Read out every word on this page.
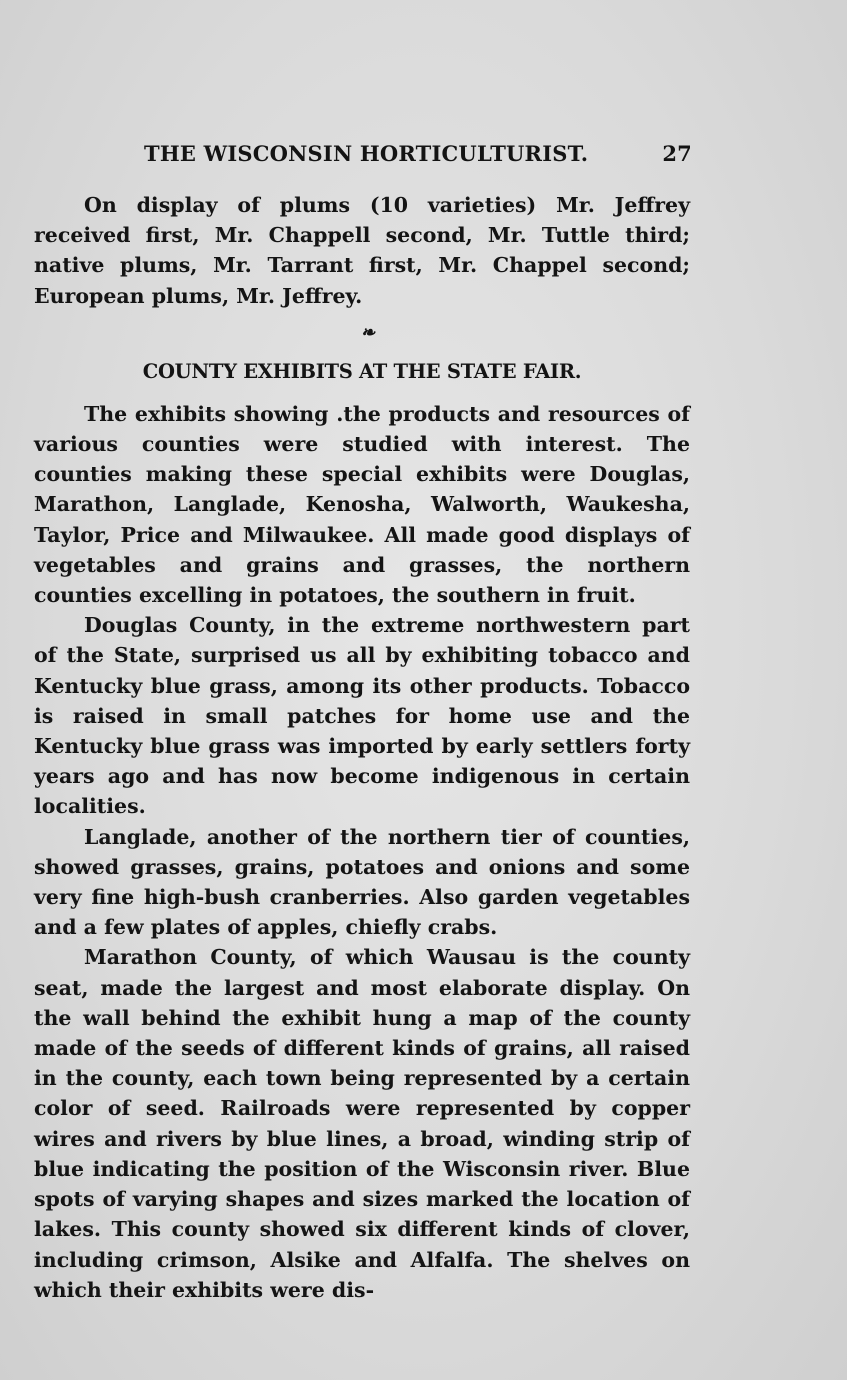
THE WISCONSIN HORTICULTURIST.	27

On display of plums (10 varieties) Mr. Jeffrey received first, Mr. Chappell second, Mr. Tuttle third; native plums, Mr. Tarrant first, Mr. Chappel second; European plums, Mr. Jeffrey.

❧
COUNTY EXHIBITS AT THE STATE FAIR.

The exhibits showing .the products and resources of various counties were studied with interest. The counties making these special exhibits were Douglas, Marathon, Langlade, Kenosha, Walworth, Waukesha, Taylor, Price and Milwaukee. All made good displays of vegetables and grains and grasses, the northern counties excelling in potatoes, the southern in fruit.

Douglas County, in the extreme northwestern part of the State, surprised us all by exhibiting tobacco and Kentucky blue grass, among its other products. Tobacco is raised in small patches for home use and the Kentucky blue grass was imported by early settlers forty years ago and has now become indigenous in certain localities.

Langlade, another of the northern tier of counties, showed grasses, grains, potatoes and onions and some very fine high-bush cranberries. Also garden vegetables and a few plates of apples, chiefly crabs.

Marathon County, of which Wausau is the county seat, made the largest and most elaborate display. On the wall behind the exhibit hung a map of the county made of the seeds of different kinds of grains, all raised in the county, each town being represented by a certain color of seed. Railroads were represented by copper wires and rivers by blue lines, a broad, winding strip of blue indicating the position of the Wisconsin river. Blue spots of varying shapes and sizes marked the location of lakes. This county showed six different kinds of clover, including crimson, Alsike and Alfalfa. The shelves on which their exhibits were dis-
